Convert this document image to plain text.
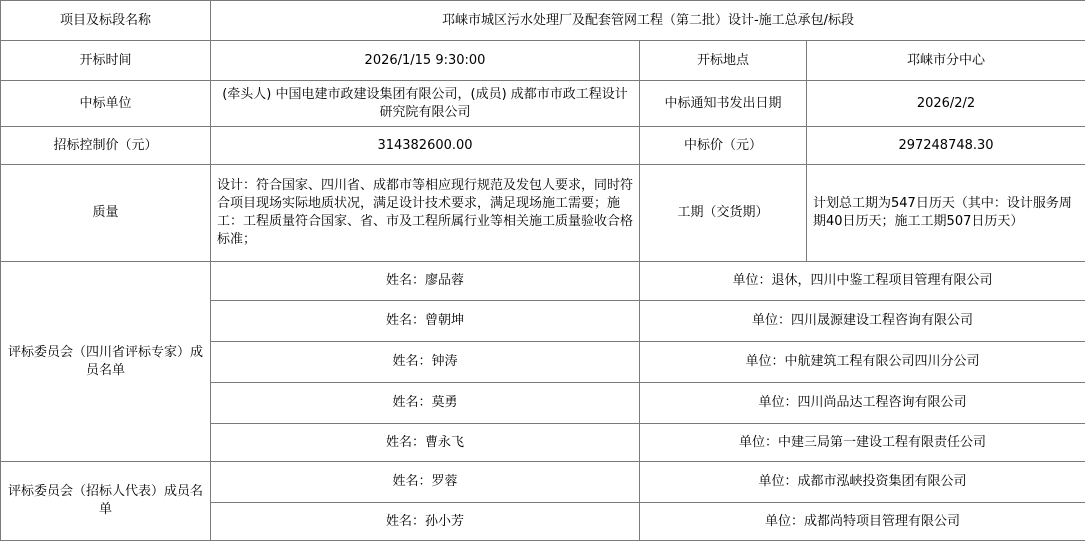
项目及标段名称	邛崃市城区污水处理厂及配套管网工程（第二批）设计-施工总承包/标段		
开标时间	2026/1/15 9:30:00	开标地点	邛崃市分中心
中标单位	(牵头人) 中国电建市政建设集团有限公司，(成员) 成都市市政工程设计研究院有限公司	中标通知书发出日期	2026/2/2
招标控制价（元）	314382600.00	中标价（元）	297248748.30
质量	设计：符合国家、四川省、成都市等相应现行规范及发包人要求，同时符合项目现场实际地质状况，满足设计技术要求，满足现场施工需要；施工：工程质量符合国家、省、市及工程所属行业等相关施工质量验收合格标准；	工期（交货期）	计划总工期为547日历天（其中：设计服务周期40日历天；施工工期507日历天）
评标委员会（四川省评标专家）成员名单	姓名：廖品蓉	单位：退休，四川中鉴工程项目管理有限公司	
	姓名：曾朝坤	单位：四川晟源建设工程咨询有限公司	
	姓名：钟涛	单位：中航建筑工程有限公司四川分公司	
	姓名：莫勇	单位：四川尚品达工程咨询有限公司	
	姓名：曹永飞	单位：中建三局第一建设工程有限责任公司	
评标委员会（招标人代表）成员名单	姓名：罗蓉	单位：成都市泓峡投资集团有限公司	
	姓名：孙小芳	单位：成都尚特项目管理有限公司	
